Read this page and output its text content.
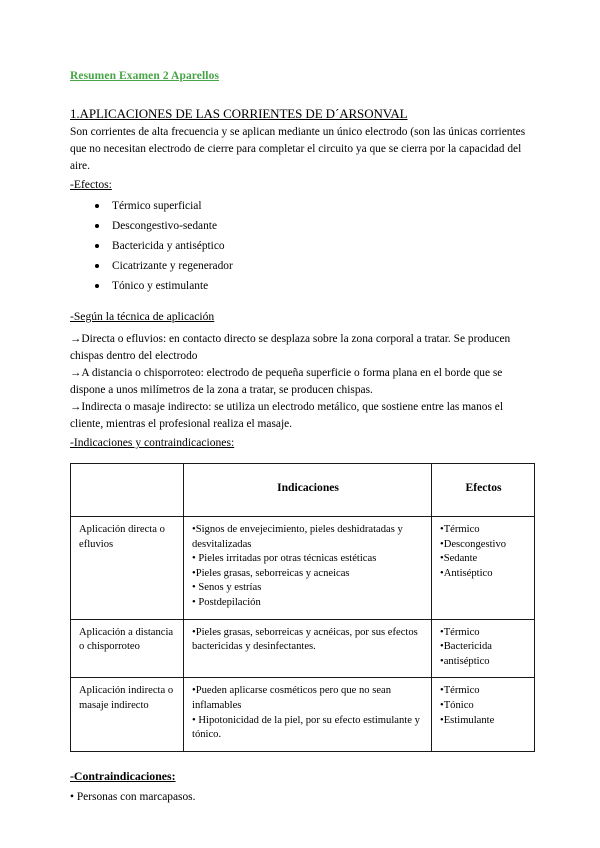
Resumen Examen 2 Aparellos
1.APLICACIONES DE LAS CORRIENTES DE D´ARSONVAL

Son corrientes de alta frecuencia y se aplican mediante un único electrodo (son las únicas corrientes que no necesitan electrodo de cierre para completar el circuito ya que se cierra por la capacidad del aire.

-Efectos:
Térmico superficial
Descongestivo-sedante
Bactericida y antiséptico
Cicatrizante y regenerador
Tónico y estimulante
-Según la técnica de aplicación

→Directa o efluvios: en contacto directo se desplaza sobre la zona corporal a tratar. Se producen chispas dentro del electrodo

→A distancia o chisporroteo: electrodo de pequeña superficie o forma plana en el borde que se dispone a unos milímetros de la zona a tratar, se producen chispas.

→Indirecta o masaje indirecto: se utiliza un electrodo metálico, que sostiene entre las manos el cliente, mientras el profesional realiza el masaje.

-Indicaciones y contraindicaciones:
	Indicaciones	Efectos
Aplicación directa o efluvios	•Signos de envejecimiento, pieles deshidratadas y desvitalizadas
• Pieles irritadas por otras técnicas estéticas
•Pieles grasas, seborreicas y acneicas
• Senos y estrías
• Postdepilación	•Térmico
•Descongestivo
•Sedante
•Antiséptico

Aplicación a distancia o chisporroteo	•Pieles grasas, seborreicas y acnéicas, por sus efectos bactericidas y desinfectantes.	•Térmico
•Bactericida
•antiséptico

Aplicación indirecta o masaje indirecto	•Pueden aplicarse cosméticos pero que no sean inflamables
• Hipotonicidad de la piel, por su efecto estimulante y tónico.	•Térmico
•Tónico
•Estimulante
-Contraindicaciones:

• Personas con marcapasos.
